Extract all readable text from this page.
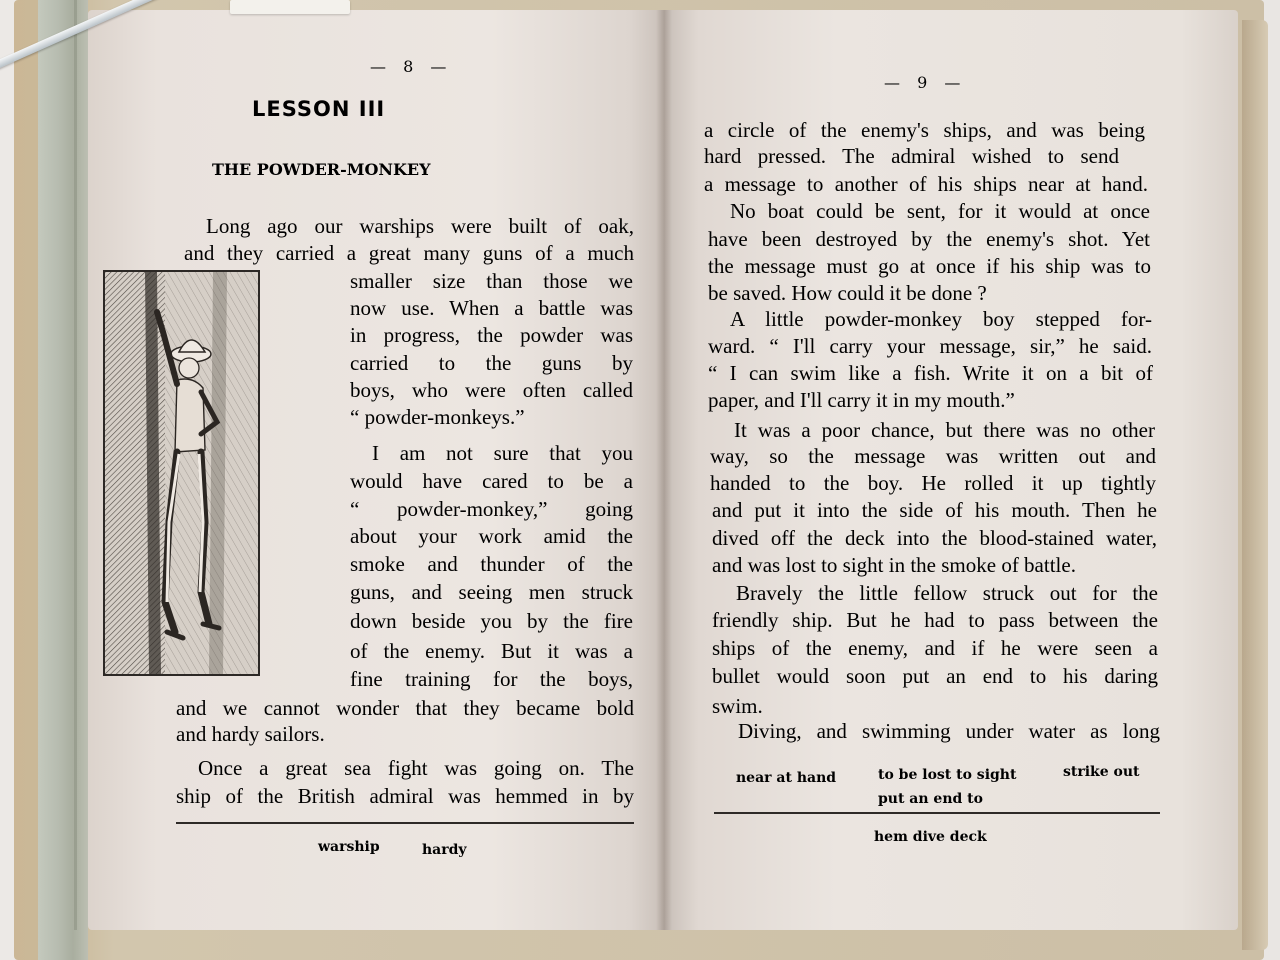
— 8 —
LESSON III
THE POWDER-MONKEY
Long ago our warships were built of oak,
and they carried a great many guns of a much
smaller size than those we
now use. When a battle was
in progress, the powder was
carried to the guns by
boys, who were often called
“ powder-monkeys.”
I am not sure that you
would have cared to be a
“ powder-monkey,” going
about your work amid the
smoke and thunder of the
guns, and seeing men struck
down beside you by the fire
of the enemy. But it was a
fine training for the boys,
and we cannot wonder that they became bold
and hardy sailors.
Once a great sea fight was going on. The
ship of the British admiral was hemmed in by
warship	hardy
— 9 —
a circle of the enemy's ships, and was being
hard pressed. The admiral wished to send
a message to another of his ships near at hand.
No boat could be sent, for it would at once
have been destroyed by the enemy's shot. Yet
the message must go at once if his ship was to
be saved. How could it be done ?
A little powder-monkey boy stepped for-
ward. “ I'll carry your message, sir,” he said.
“ I can swim like a fish. Write it on a bit of
paper, and I'll carry it in my mouth.”
It was a poor chance, but there was no other
way, so the message was written out and
handed to the boy. He rolled it up tightly
and put it into the side of his mouth. Then he
dived off the deck into the blood-stained water,
and was lost to sight in the smoke of battle.
Bravely the little fellow struck out for the
friendly ship. But he had to pass between the
ships of the enemy, and if he were seen a
bullet would soon put an end to his daring
swim.
Diving, and swimming under water as long
near at hand	to be lost to sight	strike out
put an end to
hem dive deck
